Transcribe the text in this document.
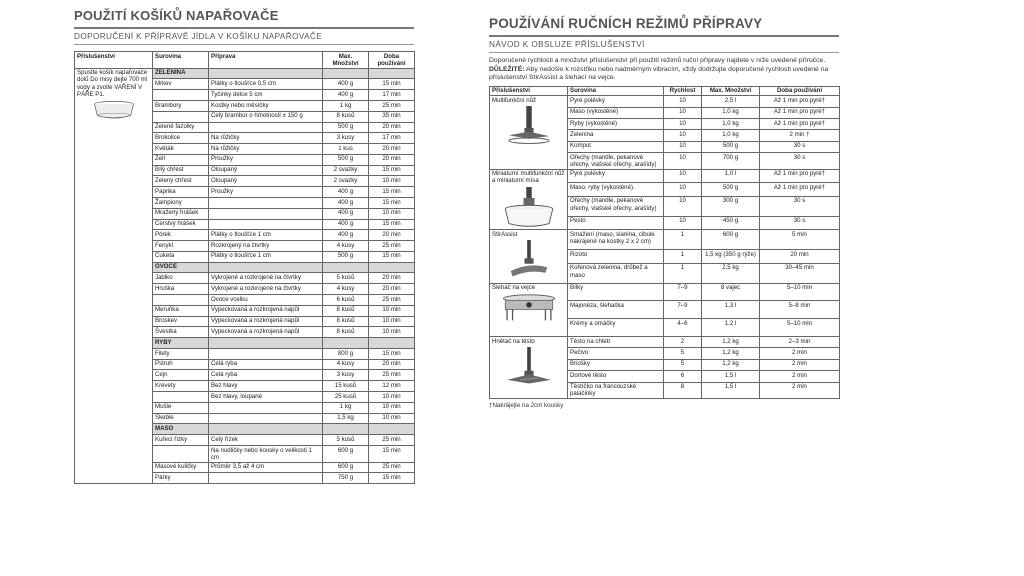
POUŽITÍ KOŠÍKŮ NAPAŘOVAČE
DOPORUČENÍ K PŘÍPRAVĚ JÍDLA V KOŠÍKU NAPAŘOVAČE
Příslušenství	Surovina	Příprava	Max. Množství	Doba používání

Spustte košík napařovače dolů Do misy dejte 700 ml vody a zvolte VAŘENÍ V PÁŘE P1.	ZELENINA			
	Mrkev	Plátky o tloušťce 0,5 cm	400 g	15 min
		Tyčinky délce 5 cm	400 g	17 min
	Brambory	Kostky nebo měsíčky	1 kg	25 min
		Celý brambor o hmotnosti ± 150 g	8 kusů	35 min
	Zelené fazolky		500 g	20 min
	Brokolice	Na růžičky	3 kusy	17 min
	Květák	Na růžičky	1 kus	20 min
	Zelí	Proužky	500 g	20 min
	Bílý chřest	Oloupaný	2 svazky	15 min
	Zelený chřest	Oloupaný	2 svazky	10 min
	Paprika	Proužky	400 g	15 min
	Žampiony		400 g	15 min
	Mražený hrášek		400 g	10 min
	Čerstvý hrášek		400 g	15 min
	Pórek	Plátky o tloušťce 1 cm	400 g	20 min
	Fenykl	Rozkrojený na čtvrtky	4 kusy	25 min
	Cuketa	Plátky o tloušťce 1 cm	500 g	15 min
	OVOCE			
	Jablko	Vykrojené a rozkrojené na čtvrtky	5 kusů	20 min
	Hruška	Vykrojené a rozkrojené na čtvrtky	4 kusy	20 min
		Ovoce vcelku	6 kusů	25 min
	Meruňka	Vypeckovaná a rozkrojená napůl	8 kusů	10 min
	Broskev	Vypeckovaná a rozkrojená napůl	8 kusů	10 min
	Švestka	Vypeckovaná a rozkrojená napůl	8 kusů	10 min
	RYBY			
	Filety		800 g	15 min
	Pstruh	Celá ryba	4 kusy	20 min
	Cejn	Celá ryba	3 kusy	25 min
	Krevety	Bez hlavy	15 kusů	12 min
		Bez hlavy, loupané	25 kusů	10 min
	Mušle		1 kg	10 min
	Škeble		1,5 kg	10 min
	MASO			
	Kuřecí řízky	Celý řízek	5 kusů	25 min
		Na nudličky nebo kousky o velikosti 1 cm	600 g	15 min
	Masové kuličky	Průměr 3,5 až 4 cm	600 g	25 min
	Párky		750 g	15 min
POUŽÍVÁNÍ RUČNÍCH REŽIMŮ PŘÍPRAVY
NÁVOD K OBSLUZE PŘÍSLUŠENSTVÍ
Doporučené rychlosti a množství příslušenství při použití režimů ruční přípravy najdete v níže uvedené příručce. DŮLEŽITÉ: Aby nedošlo k rozstřiku nebo nadměrným vibracím, vždy dodržujte doporučené rychlosti uvedené na příslušenství StirAssist a šlehací na vejce.
Příslušenství	Surovina	Rychlost	Max. Množství	Doba používání

Multifunkční nůž	Pyré polévky	10	2,5 l	Až 1 min pro pyré†
	Maso (vykostěné)	10	1,0 kg	Až 1 min pro pyré†
	Ryby (vykostěné)	10	1,0 kg	Až 1 min pro pyré†
	Zelenina	10	1,0 kg	2 min †
	Kompot	10	500 g	30 s
	Ořechy (mandle, pekanové ořechy, vlašské ořechy, arašídy)	10	700 g	30 s

Miniaturní multifunkční nůž a miniaturní mísa	Pyré polévky	10	1,0 l	Až 1 min pro pyré†
	Maso, ryby (vykostěné).	10	500 g	Až 1 min pro pyré†
	Ořechy (mandle, pekanové ořechy, vlašské ořechy, arašídy)	10	300 g	30 s
	Pesto	10	450 g	30 s

StirAssist	Smažení (maso, slanina, cibule nakrájené na kostky 2 x 2 cm)	1	600 g	5 min
	Rizoto	1	1,5 kg (350 g rýže)	20 min
	Kořenová zelenina, drůbež a maso	1	2,5 kg	30–45 min

Šlehač na vejce	Bílky	7–9	8 vajec	5–10 min
	Majonéza, šlehačka	7–9	1,3 l	5–8 min
	Krémy a omáčky	4–6	1,2 l	5–10 min

Hnětač na těsto	Těsto na chléb	2	1,2 kg	2–3 min
	Pečivo	5	1,2 kg	2 min
	Briošky	5	1,2 kg	2 min
	Dortové těsto	6	1,5 l	2 min
	Těstíčko na francouzské palačinky	8	1,5 l	2 min
†Nakrájejte na 2cm kousky
